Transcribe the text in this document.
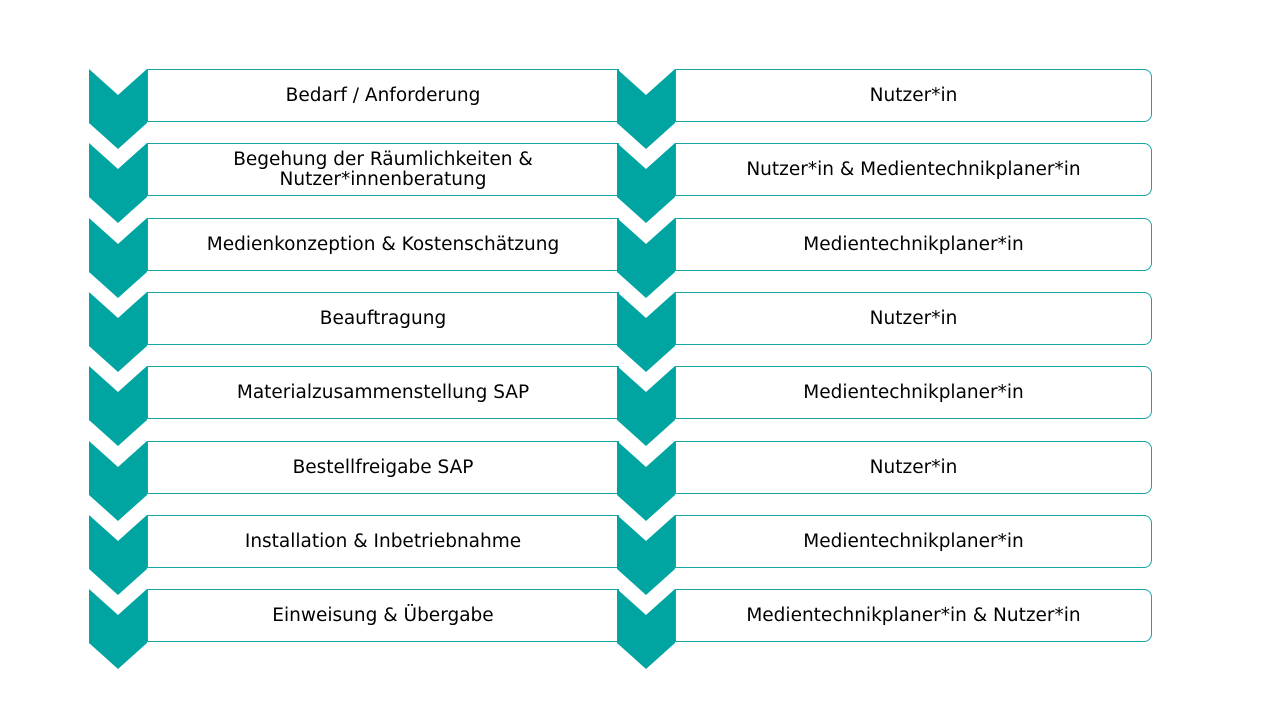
Bedarf / Anforderung	Nutzer*in
Begehung der Räumlichkeiten & Nutzer*innenberatung	Nutzer*in & Medientechnikplaner*in
Medienkonzeption & Kostenschätzung	Medientechnikplaner*in
Beauftragung	Nutzer*in
Materialzusammenstellung SAP	Medientechnikplaner*in
Bestellfreigabe SAP	Nutzer*in
Installation & Inbetriebnahme	Medientechnikplaner*in
Einweisung & Übergabe	Medientechnikplaner*in & Nutzer*in
